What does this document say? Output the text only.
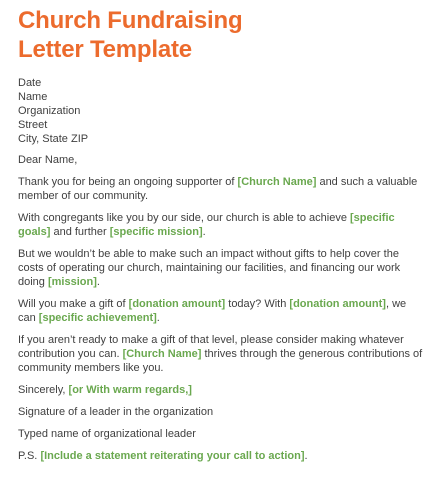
Church Fundraising
Letter Template
Date
Name
Organization
Street
City, State ZIP

Dear Name,

Thank you for being an ongoing supporter of [Church Name] and such a valuable member of our community.

With congregants like you by our side, our church is able to achieve [specific goals] and further [specific mission].

But we wouldn’t be able to make such an impact without gifts to help cover the costs of operating our church, maintaining our facilities, and financing our work doing [mission].

Will you make a gift of [donation amount] today? With [donation amount], we can [specific achievement].

If you aren’t ready to make a gift of that level, please consider making whatever contribution you can. [Church Name] thrives through the generous contributions of community members like you.

Sincerely, [or With warm regards,]

Signature of a leader in the organization

Typed name of organizational leader

P.S. [Include a statement reiterating your call to action].
